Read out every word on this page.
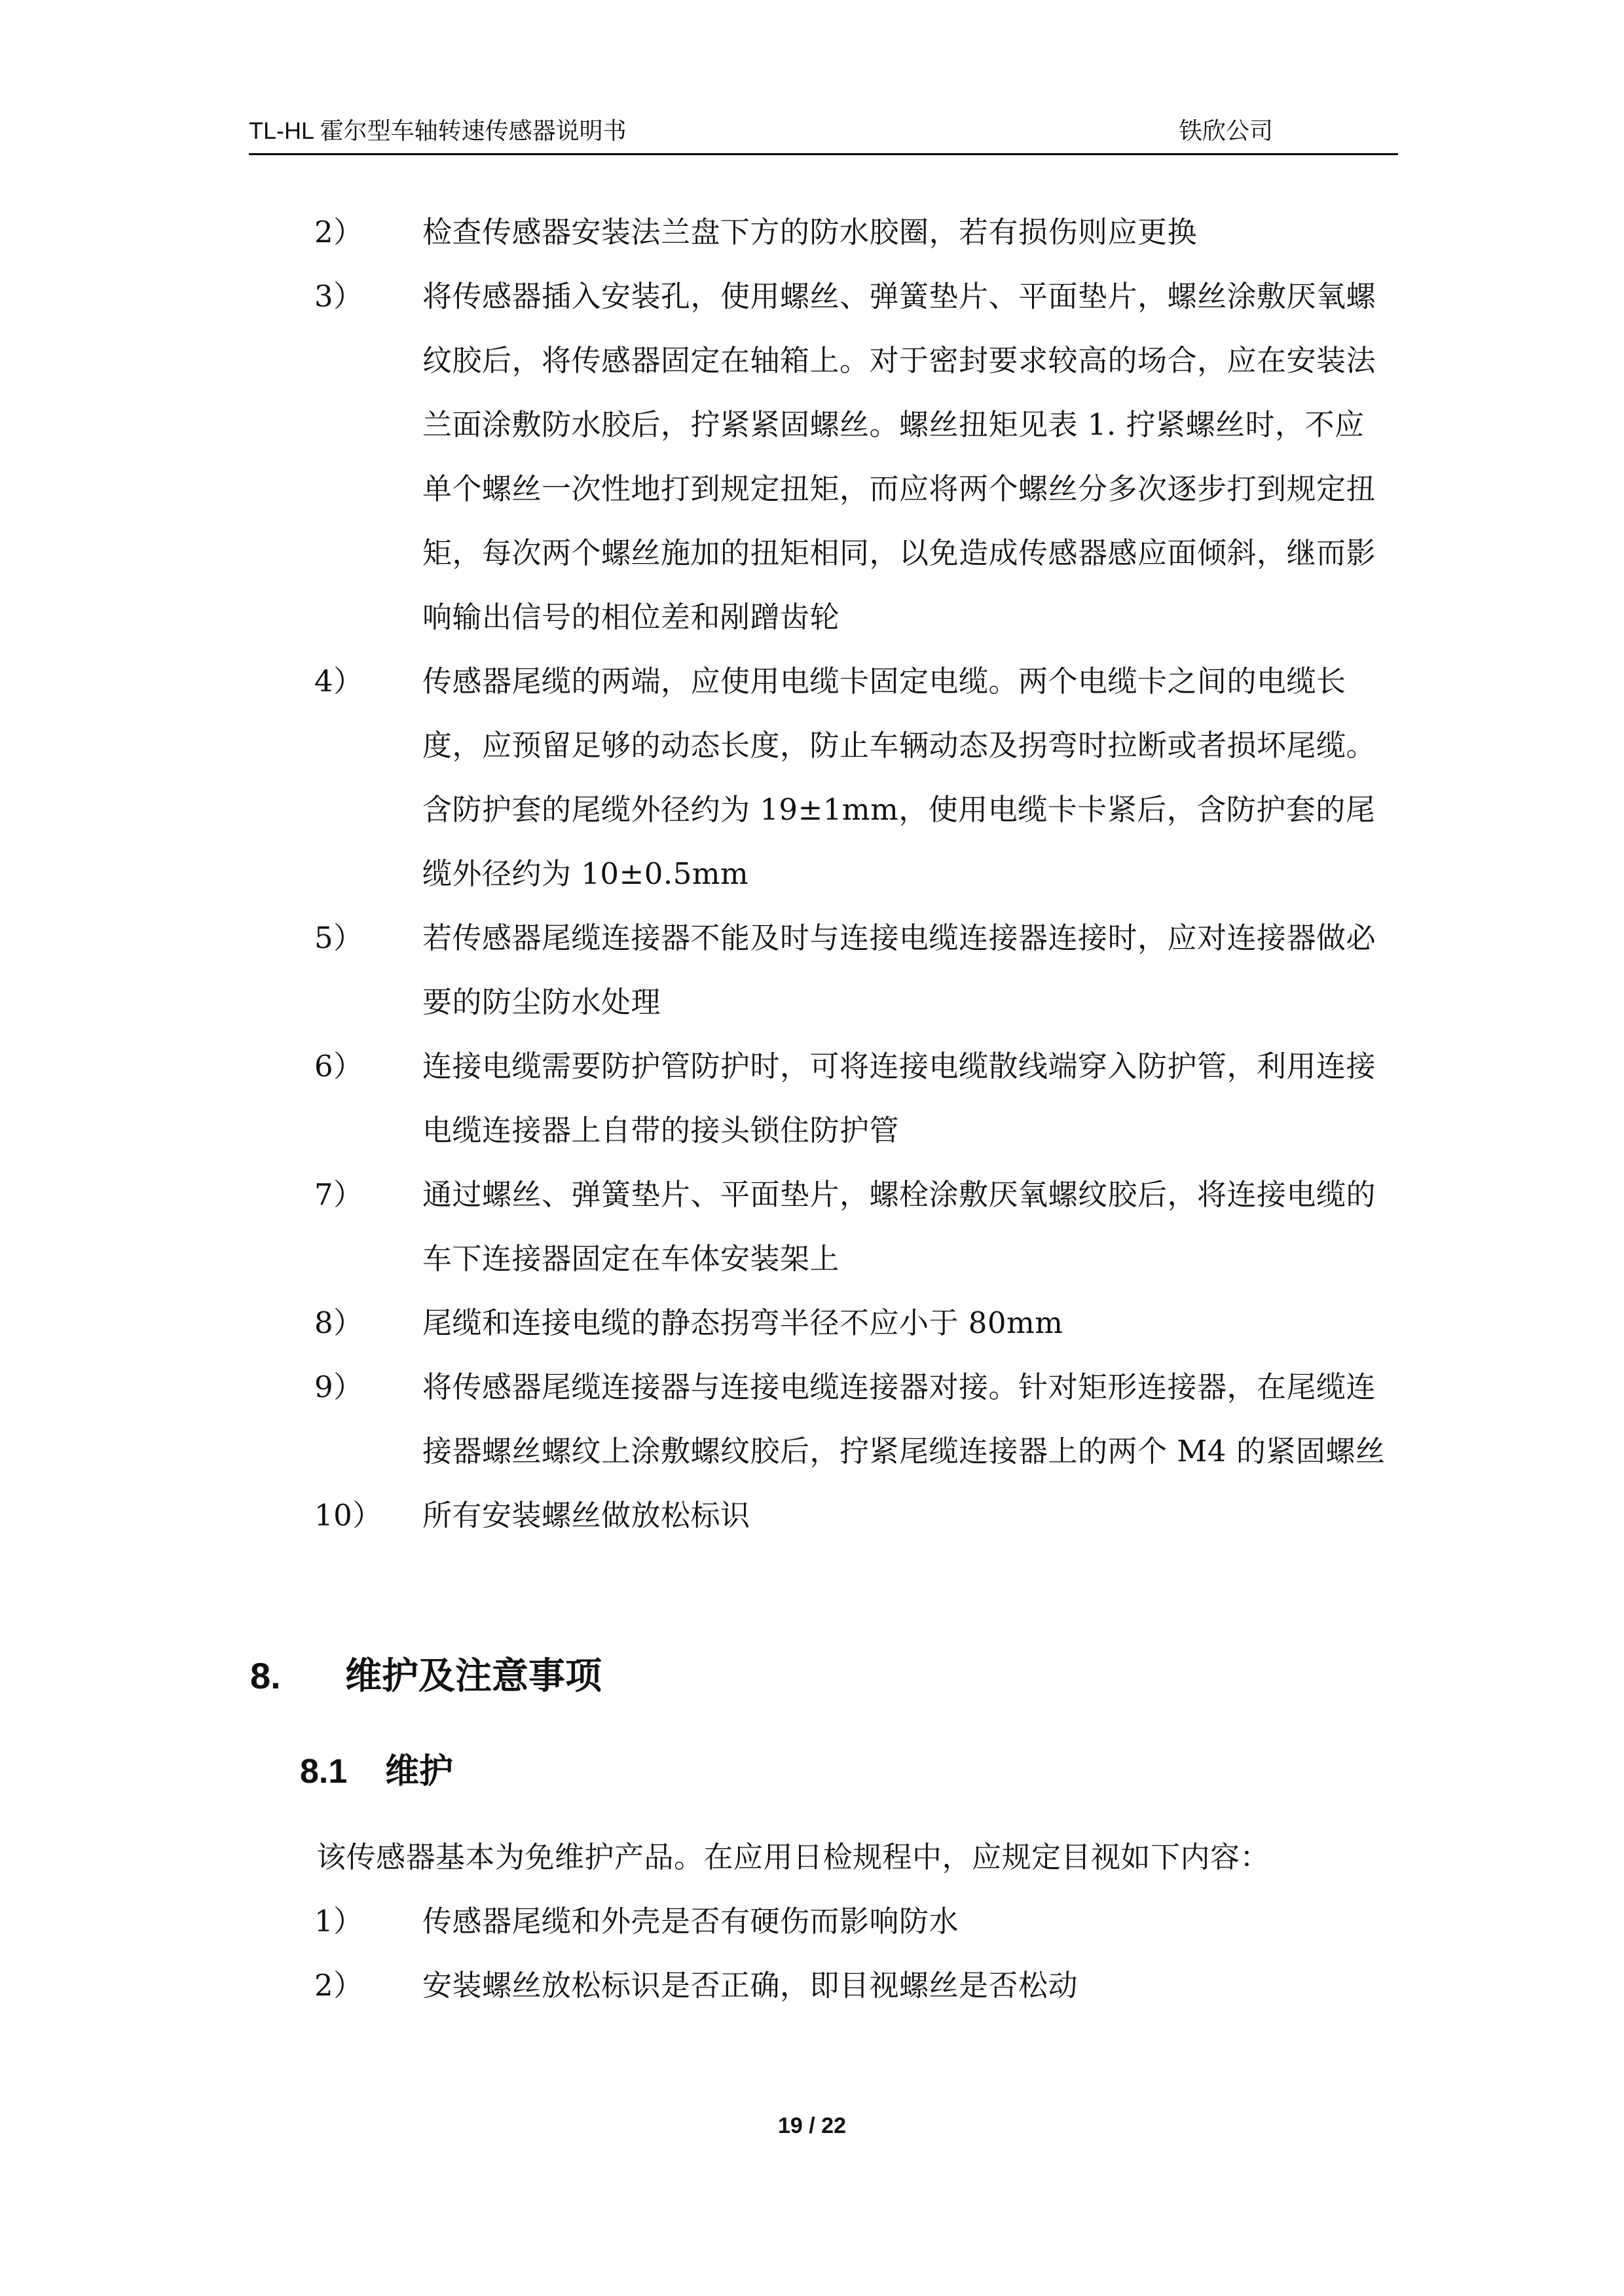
TL-HL 霍尔型车轴转速传感器说明书	铁欣公司
2）	检查传感器安装法兰盘下方的防水胶圈，若有损伤则应更换
3）	将传感器插入安装孔，使用螺丝、弹簧垫片、平面垫片，螺丝涂敷厌氧螺纹胶后，将传感器固定在轴箱上。对于密封要求较高的场合，应在安装法兰面涂敷防水胶后，拧紧紧固螺丝。螺丝扭矩见表 1. 拧紧螺丝时，不应单个螺丝一次性地打到规定扭矩，而应将两个螺丝分多次逐步打到规定扭矩，每次两个螺丝施加的扭矩相同，以免造成传感器感应面倾斜，继而影响输出信号的相位差和剐蹭齿轮
4）	传感器尾缆的两端，应使用电缆卡固定电缆。两个电缆卡之间的电缆长度，应预留足够的动态长度，防止车辆动态及拐弯时拉断或者损坏尾缆。含防护套的尾缆外径约为 19±1mm，使用电缆卡卡紧后，含防护套的尾缆外径约为 10±0.5mm
5）	若传感器尾缆连接器不能及时与连接电缆连接器连接时，应对连接器做必要的防尘防水处理
6）	连接电缆需要防护管防护时，可将连接电缆散线端穿入防护管，利用连接电缆连接器上自带的接头锁住防护管
7）	通过螺丝、弹簧垫片、平面垫片，螺栓涂敷厌氧螺纹胶后，将连接电缆的车下连接器固定在车体安装架上
8）	尾缆和连接电缆的静态拐弯半径不应小于 80mm
9）	将传感器尾缆连接器与连接电缆连接器对接。针对矩形连接器，在尾缆连接器螺丝螺纹上涂敷螺纹胶后，拧紧尾缆连接器上的两个 M4 的紧固螺丝
10）	所有安装螺丝做放松标识
8. 维护及注意事项
8.1 维护
该传感器基本为免维护产品。在应用日检规程中，应规定目视如下内容：
1）	传感器尾缆和外壳是否有硬伤而影响防水
2）	安装螺丝放松标识是否正确，即目视螺丝是否松动
19 / 22
